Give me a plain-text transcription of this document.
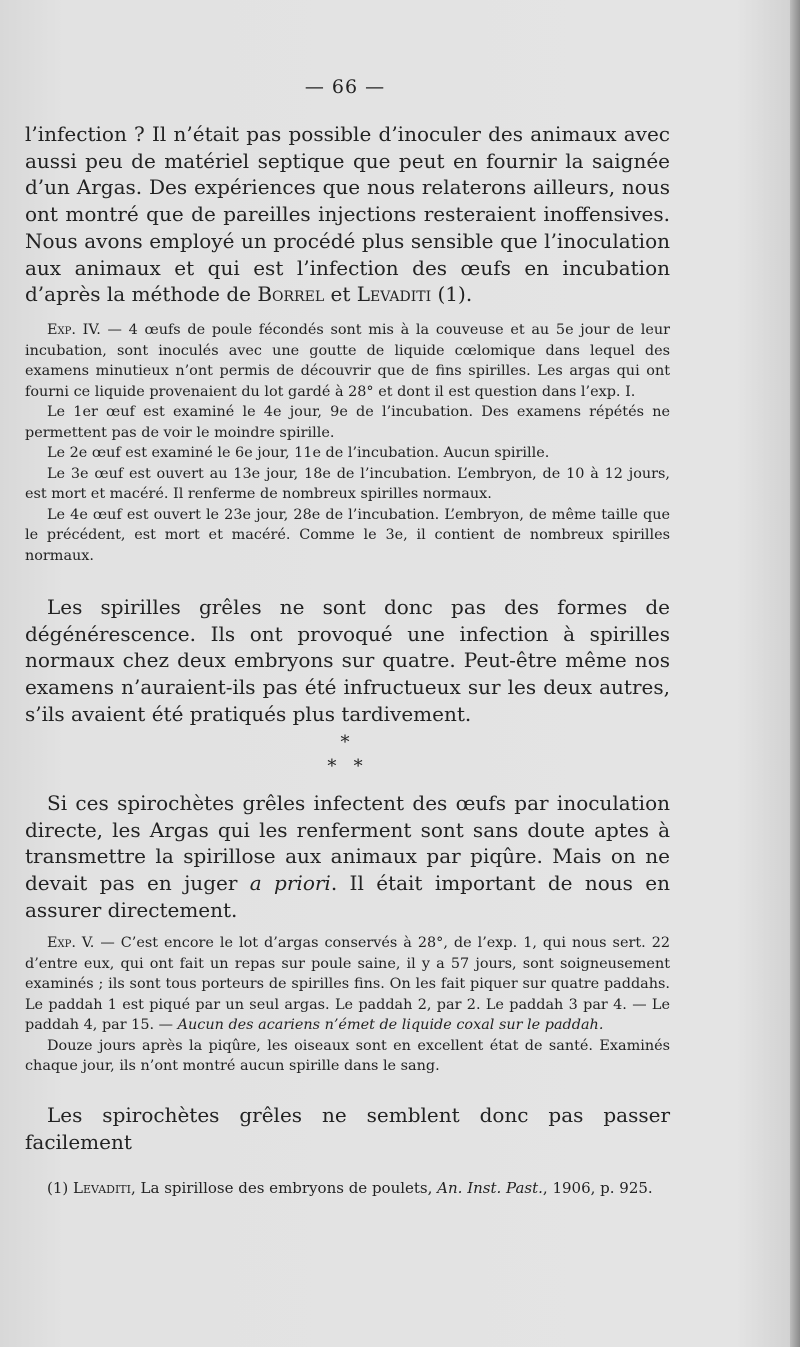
— 66 —

l’infection ? Il n’était pas possible d’inoculer des animaux avec aussi peu de matériel septique que peut en fournir la saignée d’un Argas. Des expériences que nous relaterons ailleurs, nous ont montré que de pareilles injections resteraient inoffensives. Nous avons employé un procédé plus sensible que l’inoculation aux animaux et qui est l’infection des œufs en incubation d’après la méthode de Borrel et Levaditi (1).

Exp. IV. — 4 œufs de poule fécondés sont mis à la couveuse et au 5e jour de leur incubation, sont inoculés avec une goutte de liquide cœlomique dans lequel des examens minutieux n’ont permis de découvrir que de fins spirilles. Les argas qui ont fourni ce liquide provenaient du lot gardé à 28° et dont il est question dans l’exp. I.

Le 1er œuf est examiné le 4e jour, 9e de l’incubation. Des examens répétés ne permettent pas de voir le moindre spirille.

Le 2e œuf est examiné le 6e jour, 11e de l’incubation. Aucun spirille.

Le 3e œuf est ouvert au 13e jour, 18e de l’incubation. L’embryon, de 10 à 12 jours, est mort et macéré. Il renferme de nombreux spirilles normaux.

Le 4e œuf est ouvert le 23e jour, 28e de l’incubation. L’embryon, de même taille que le précédent, est mort et macéré. Comme le 3e, il contient de nombreux spirilles normaux.

Les spirilles grêles ne sont donc pas des formes de dégénérescence. Ils ont provoqué une infection à spirilles normaux chez deux embryons sur quatre. Peut-être même nos examens n’auraient-ils pas été infructueux sur les deux autres, s’ils avaient été pratiqués plus tardivement.

*
*   *

Si ces spirochètes grêles infectent des œufs par inoculation directe, les Argas qui les renferment sont sans doute aptes à transmettre la spirillose aux animaux par piqûre. Mais on ne devait pas en juger a priori. Il était important de nous en assurer directement.

Exp. V. — C’est encore le lot d’argas conservés à 28°, de l’exp. 1, qui nous sert. 22 d’entre eux, qui ont fait un repas sur poule saine, il y a 57 jours, sont soigneusement examinés ; ils sont tous porteurs de spirilles fins. On les fait piquer sur quatre paddahs. Le paddah 1 est piqué par un seul argas. Le paddah 2, par 2. Le paddah 3 par 4. — Le paddah 4, par 15. — Aucun des acariens n’émet de liquide coxal sur le paddah.

Douze jours après la piqûre, les oiseaux sont en excellent état de santé. Examinés chaque jour, ils n’ont montré aucun spirille dans le sang.

Les spirochètes grêles ne semblent donc pas passer facilement

(1) Levaditi, La spirillose des embryons de poulets, An. Inst. Past., 1906, p. 925.
